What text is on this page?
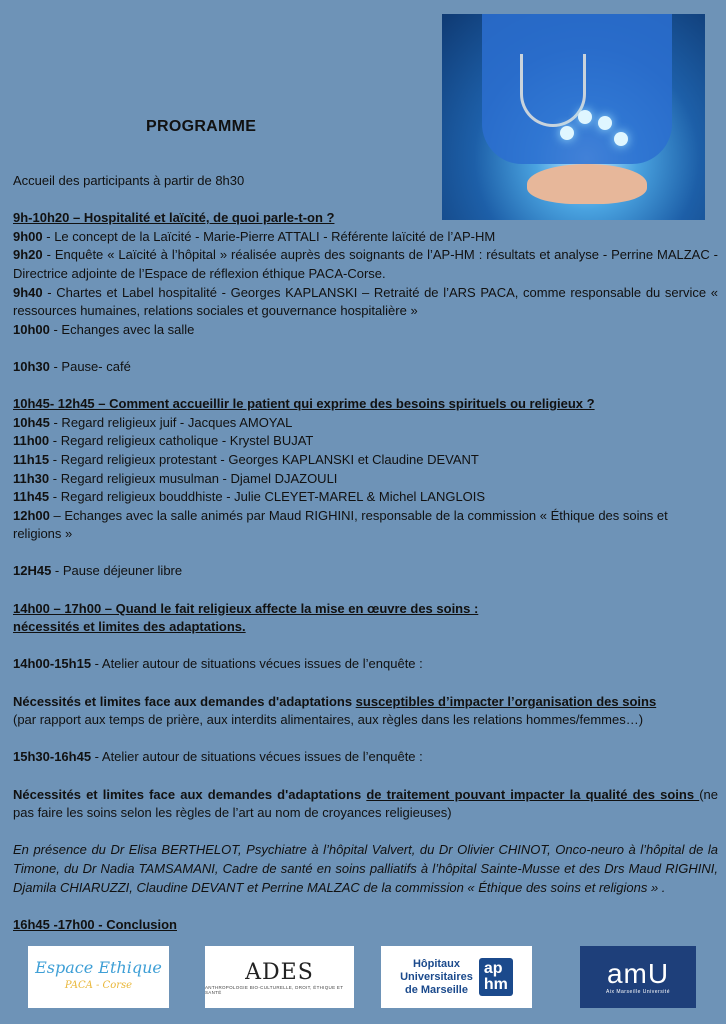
PROGRAMME

Accueil des participants à partir de 8h30

9h-10h20 – Hospitalité et laïcité, de quoi parle-t-on ?

9h00 - Le concept de la Laïcité - Marie-Pierre ATTALI - Référente laïcité de l’AP-HM

9h20 - Enquête « Laïcité à l’hôpital » réalisée auprès des soignants de l’AP-HM : résultats et analyse - Perrine MALZAC - Directrice adjointe de l’Espace de réflexion éthique PACA-Corse.

9h40 - Chartes et Label hospitalité - Georges KAPLANSKI – Retraité de l’ARS PACA, comme responsable du service « ressources humaines, relations sociales et gouvernance hospitalière »

10h00 - Echanges avec la salle

10h30 - Pause- café

10h45- 12h45 – Comment accueillir le patient qui exprime des besoins spirituels ou religieux ?

10h45 - Regard religieux juif - Jacques AMOYAL

11h00 - Regard religieux catholique - Krystel BUJAT

11h15 - Regard religieux protestant - Georges KAPLANSKI et Claudine DEVANT

11h30 - Regard religieux musulman - Djamel DJAZOULI

11h45 - Regard religieux bouddhiste - Julie CLEYET-MAREL & Michel LANGLOIS

12h00 – Echanges avec la salle animés par Maud RIGHINI, responsable de la commission « Éthique des soins et religions »

12H45 - Pause déjeuner libre

14h00 – 17h00 – Quand le fait religieux affecte la mise en œuvre des soins :

nécessités et limites des adaptations.

14h00-15h15 - Atelier autour de situations vécues issues de l’enquête :

Nécessités et limites face aux demandes d'adaptations susceptibles d’impacter l’organisation des soins
(par rapport aux temps de prière, aux interdits alimentaires, aux règles dans les relations hommes/femmes…)

15h30-16h45 - Atelier autour de situations vécues issues de l’enquête :

Nécessités et limites face aux demandes d'adaptations de traitement pouvant impacter la qualité des soins (ne pas faire les soins selon les règles de l’art au nom de croyances religieuses)

En présence du Dr Elisa BERTHELOT, Psychiatre à l’hôpital Valvert, du Dr Olivier CHINOT, Onco-neuro à l’hôpital de la Timone, du Dr Nadia TAMSAMANI, Cadre de santé en soins palliatifs à l’hôpital Sainte-Musse et des Drs Maud RIGHINI, Djamila CHIARUZZI, Claudine DEVANT et Perrine MALZAC de la commission « Éthique des soins et religions » .

16h45 -17h00 - Conclusion

Espace Ethique
PACA - Corse
ADES
ANTHROPOLOGIE BIO-CULTURELLE, DROIT, ÉTHIQUE ET SANTÉ
Hôpitaux
Universitaires
de Marseille
ap
hm	amU
Aix Marseille Université
